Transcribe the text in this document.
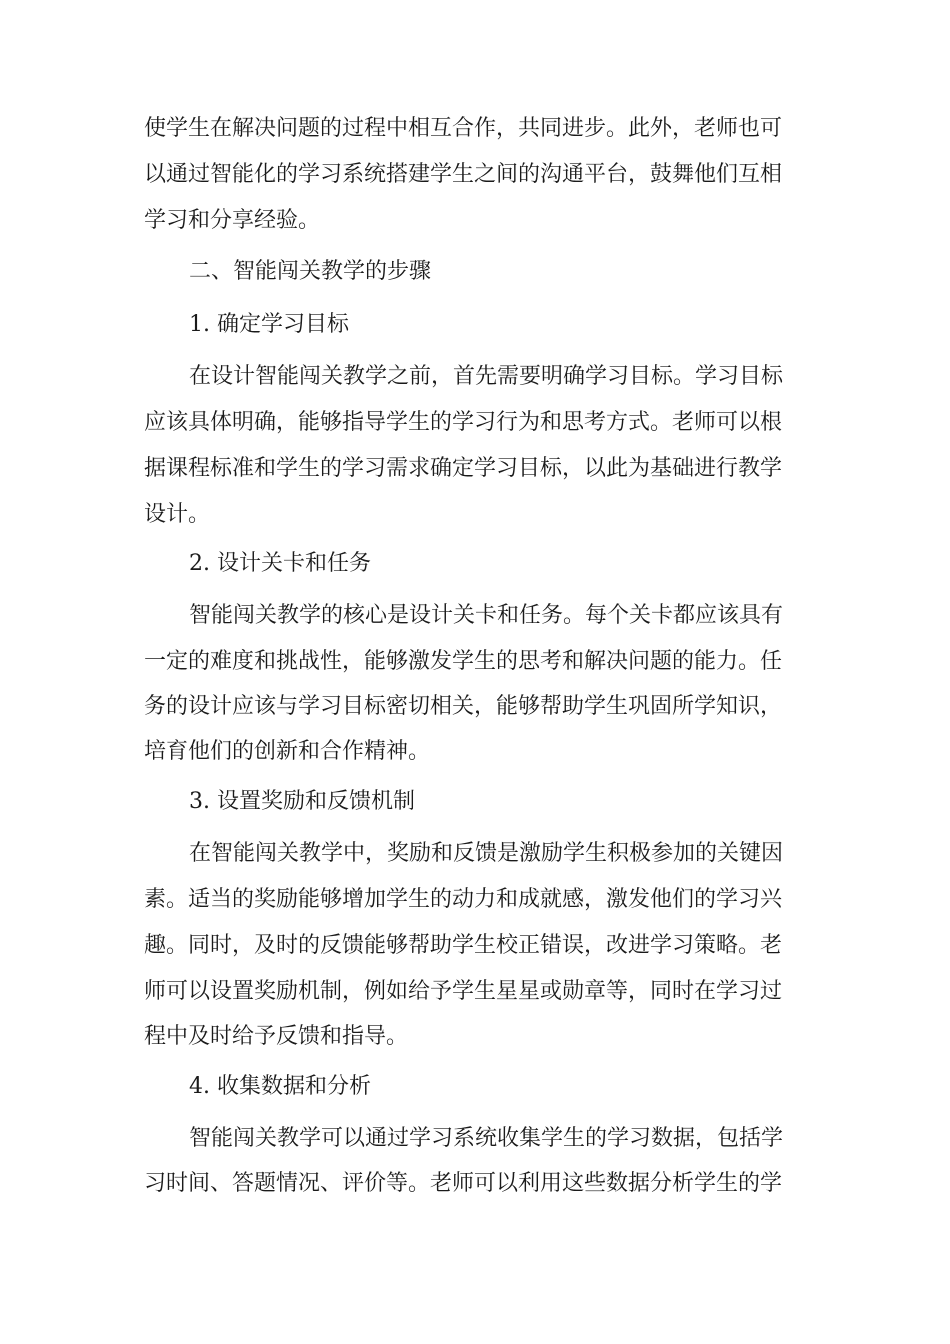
使学生在解决问题的过程中相互合作，共同进步。此外，老师也可

以通过智能化的学习系统搭建学生之间的沟通平台，鼓舞他们互相

学习和分享经验。

二、智能闯关教学的步骤

1. 确定学习目标

在设计智能闯关教学之前，首先需要明确学习目标。学习目标

应该具体明确，能够指导学生的学习行为和思考方式。老师可以根

据课程标准和学生的学习需求确定学习目标，以此为基础进行教学

设计。

2. 设计关卡和任务

智能闯关教学的核心是设计关卡和任务。每个关卡都应该具有

一定的难度和挑战性，能够激发学生的思考和解决问题的能力。任

务的设计应该与学习目标密切相关，能够帮助学生巩固所学知识，

培育他们的创新和合作精神。

3. 设置奖励和反馈机制

在智能闯关教学中，奖励和反馈是激励学生积极参加的关键因

素。适当的奖励能够增加学生的动力和成就感，激发他们的学习兴

趣。同时，及时的反馈能够帮助学生校正错误，改进学习策略。老

师可以设置奖励机制，例如给予学生星星或勋章等，同时在学习过

程中及时给予反馈和指导。

4. 收集数据和分析

智能闯关教学可以通过学习系统收集学生的学习数据，包括学

习时间、答题情况、评价等。老师可以利用这些数据分析学生的学
